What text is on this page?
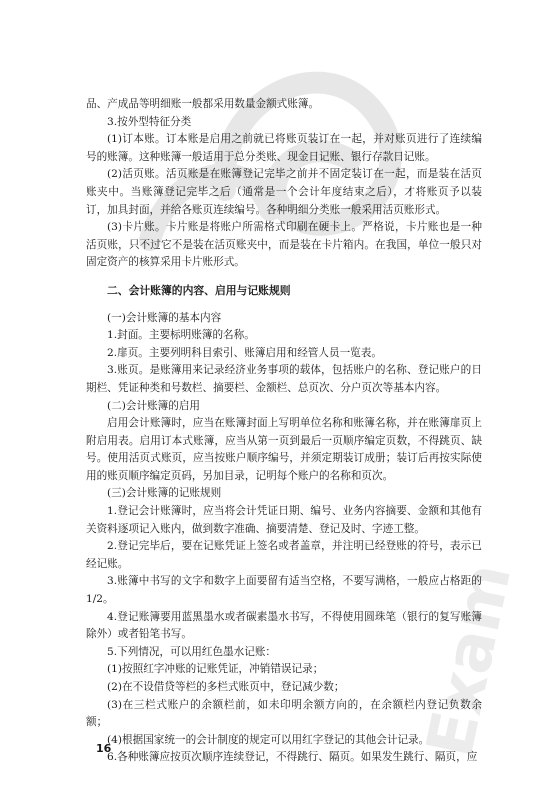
Exam

品、产成品等明细账一般都采用数量金额式账簿。

3.按外型特征分类

(1)订本账。订本账是启用之前就已将账页装订在一起，并对账页进行了连续编号的账簿。这种账簿一般适用于总分类账、现金日记账、银行存款日记账。

(2)活页账。活页账是在账簿登记完毕之前并不固定装订在一起，而是装在活页账夹中。当账簿登记完毕之后（通常是一个会计年度结束之后），才将账页予以装订，加具封面，并给各账页连续编号。各种明细分类账一般采用活页账形式。

(3)卡片账。卡片账是将账户所需格式印刷在硬卡上。严格说，卡片账也是一种活页账，只不过它不是装在活页账夹中，而是装在卡片箱内。在我国，单位一般只对固定资产的核算采用卡片账形式。

二、会计账簿的内容、启用与记账规则

(一)会计账簿的基本内容

1.封面。主要标明账簿的名称。

2.扉页。主要列明科目索引、账簿启用和经管人员一览表。

3.账页。是账簿用来记录经济业务事项的载体，包括账户的名称、登记账户的日期栏、凭证种类和号数栏、摘要栏、金额栏、总页次、分户页次等基本内容。

(二)会计账簿的启用

启用会计账簿时，应当在账簿封面上写明单位名称和账簿名称，并在账簿扉页上附启用表。启用订本式账簿，应当从第一页到最后一页顺序编定页数，不得跳页、缺号。使用活页式账页，应当按账户顺序编号，并须定期装订成册；装订后再按实际使用的账页顺序编定页码，另加目录，记明每个账户的名称和页次。

(三)会计账簿的记账规则

1.登记会计账簿时，应当将会计凭证日期、编号、业务内容摘要、金额和其他有关资料逐项记入账内，做到数字准确、摘要清楚、登记及时、字迹工整。

2.登记完毕后，要在记账凭证上签名或者盖章，并注明已经登账的符号，表示已经记账。

3.账簿中书写的文字和数字上面要留有适当空格，不要写满格，一般应占格距的1/2。

4.登记账簿要用蓝黑墨水或者碳素墨水书写，不得使用圆珠笔（银行的复写账簿除外）或者铅笔书写。

5.下列情况，可以用红色墨水记账：

(1)按照红字冲账的记账凭证，冲销错误记录；

(2)在不设借贷等栏的多栏式账页中，登记减少数；

(3)在三栏式账户的余额栏前，如未印明余额方向的，在余额栏内登记负数余额；

(4)根据国家统一的会计制度的规定可以用红字登记的其他会计记录。

6.各种账簿应按页次顺序连续登记，不得跳行、隔页。如果发生跳行、隔页，应

16
